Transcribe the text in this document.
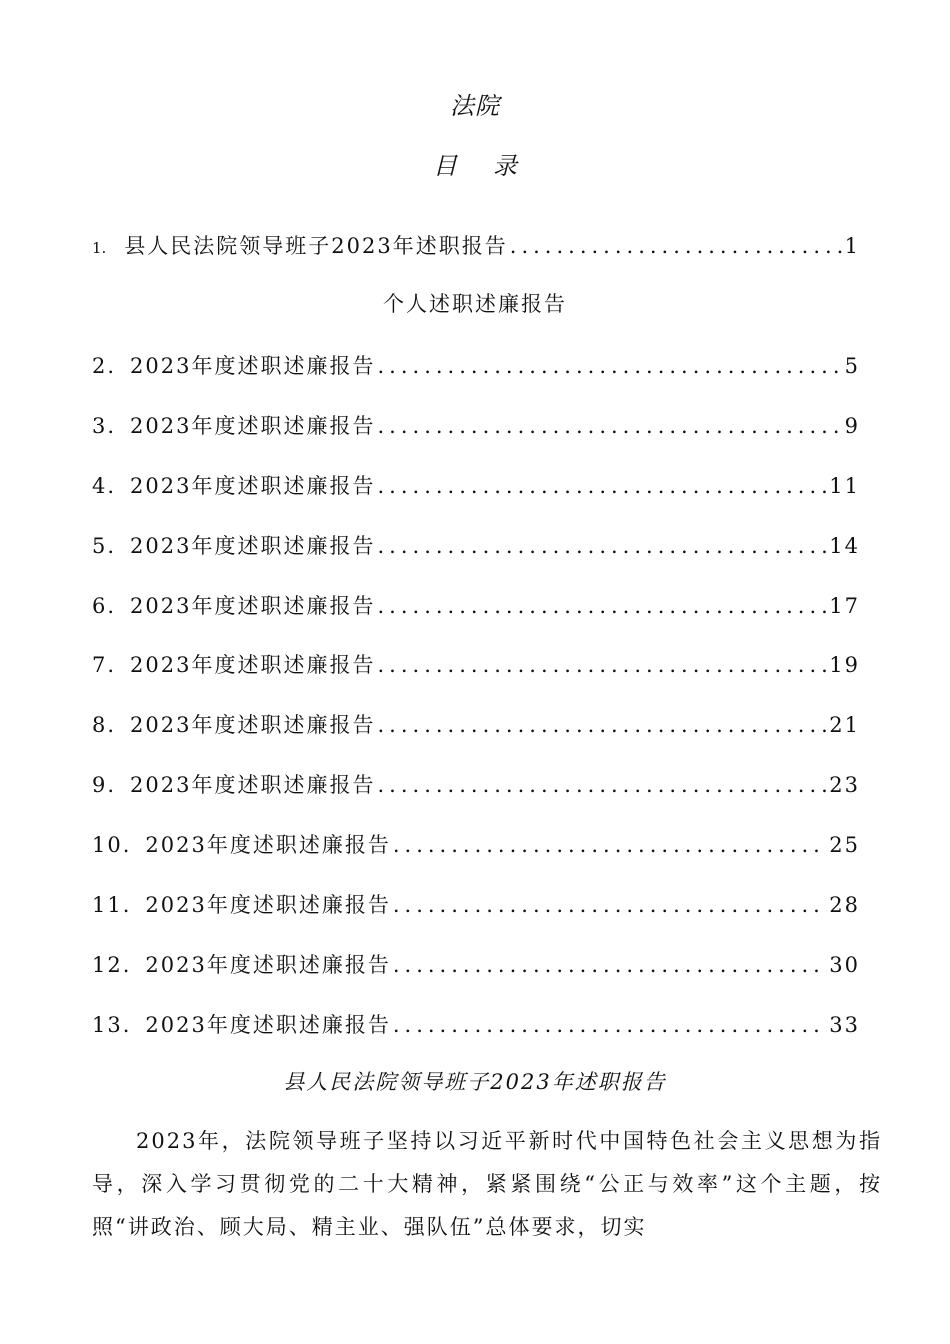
法院
目 录
1. 县人民法院领导班子2023年述职报告 .....	1
个人述职述廉报告
2. 2023年度述职述廉报告 .....	5
3. 2023年度述职述廉报告 .....	9
4. 2023年度述职述廉报告 .....	11
5. 2023年度述职述廉报告 .....	14
6. 2023年度述职述廉报告 .....	17
7. 2023年度述职述廉报告 .....	19
8. 2023年度述职述廉报告 .....	21
9. 2023年度述职述廉报告 .....	23
10. 2023年度述职述廉报告 .....	25
11. 2023年度述职述廉报告 .....	28
12. 2023年度述职述廉报告 .....	30
13. 2023年度述职述廉报告 .....	33
县人民法院领导班子2023年述职报告

2023年，法院领导班子坚持以习近平新时代中国特色社会主义思想为指导，深入学习贯彻党的二十大精神，紧紧围绕“公正与效率”这个主题，按照“讲政治、顾大局、精主业、强队伍”总体要求，切实
